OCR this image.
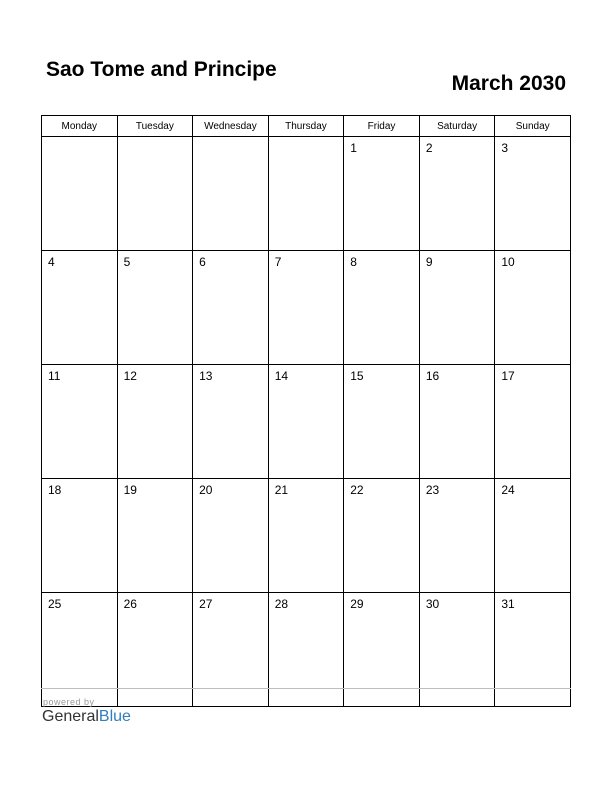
Sao Tome and Principe
March 2030
Monday	Tuesday	Wednesday	Thursday	Friday	Saturday	Sunday
				1	2	3
4	5	6	7	8	9	10
11	12	13	14	15	16	17
18	19	20	21	22	23	24
25	26	27	28	29	30	31
powered by
GeneralBlue
